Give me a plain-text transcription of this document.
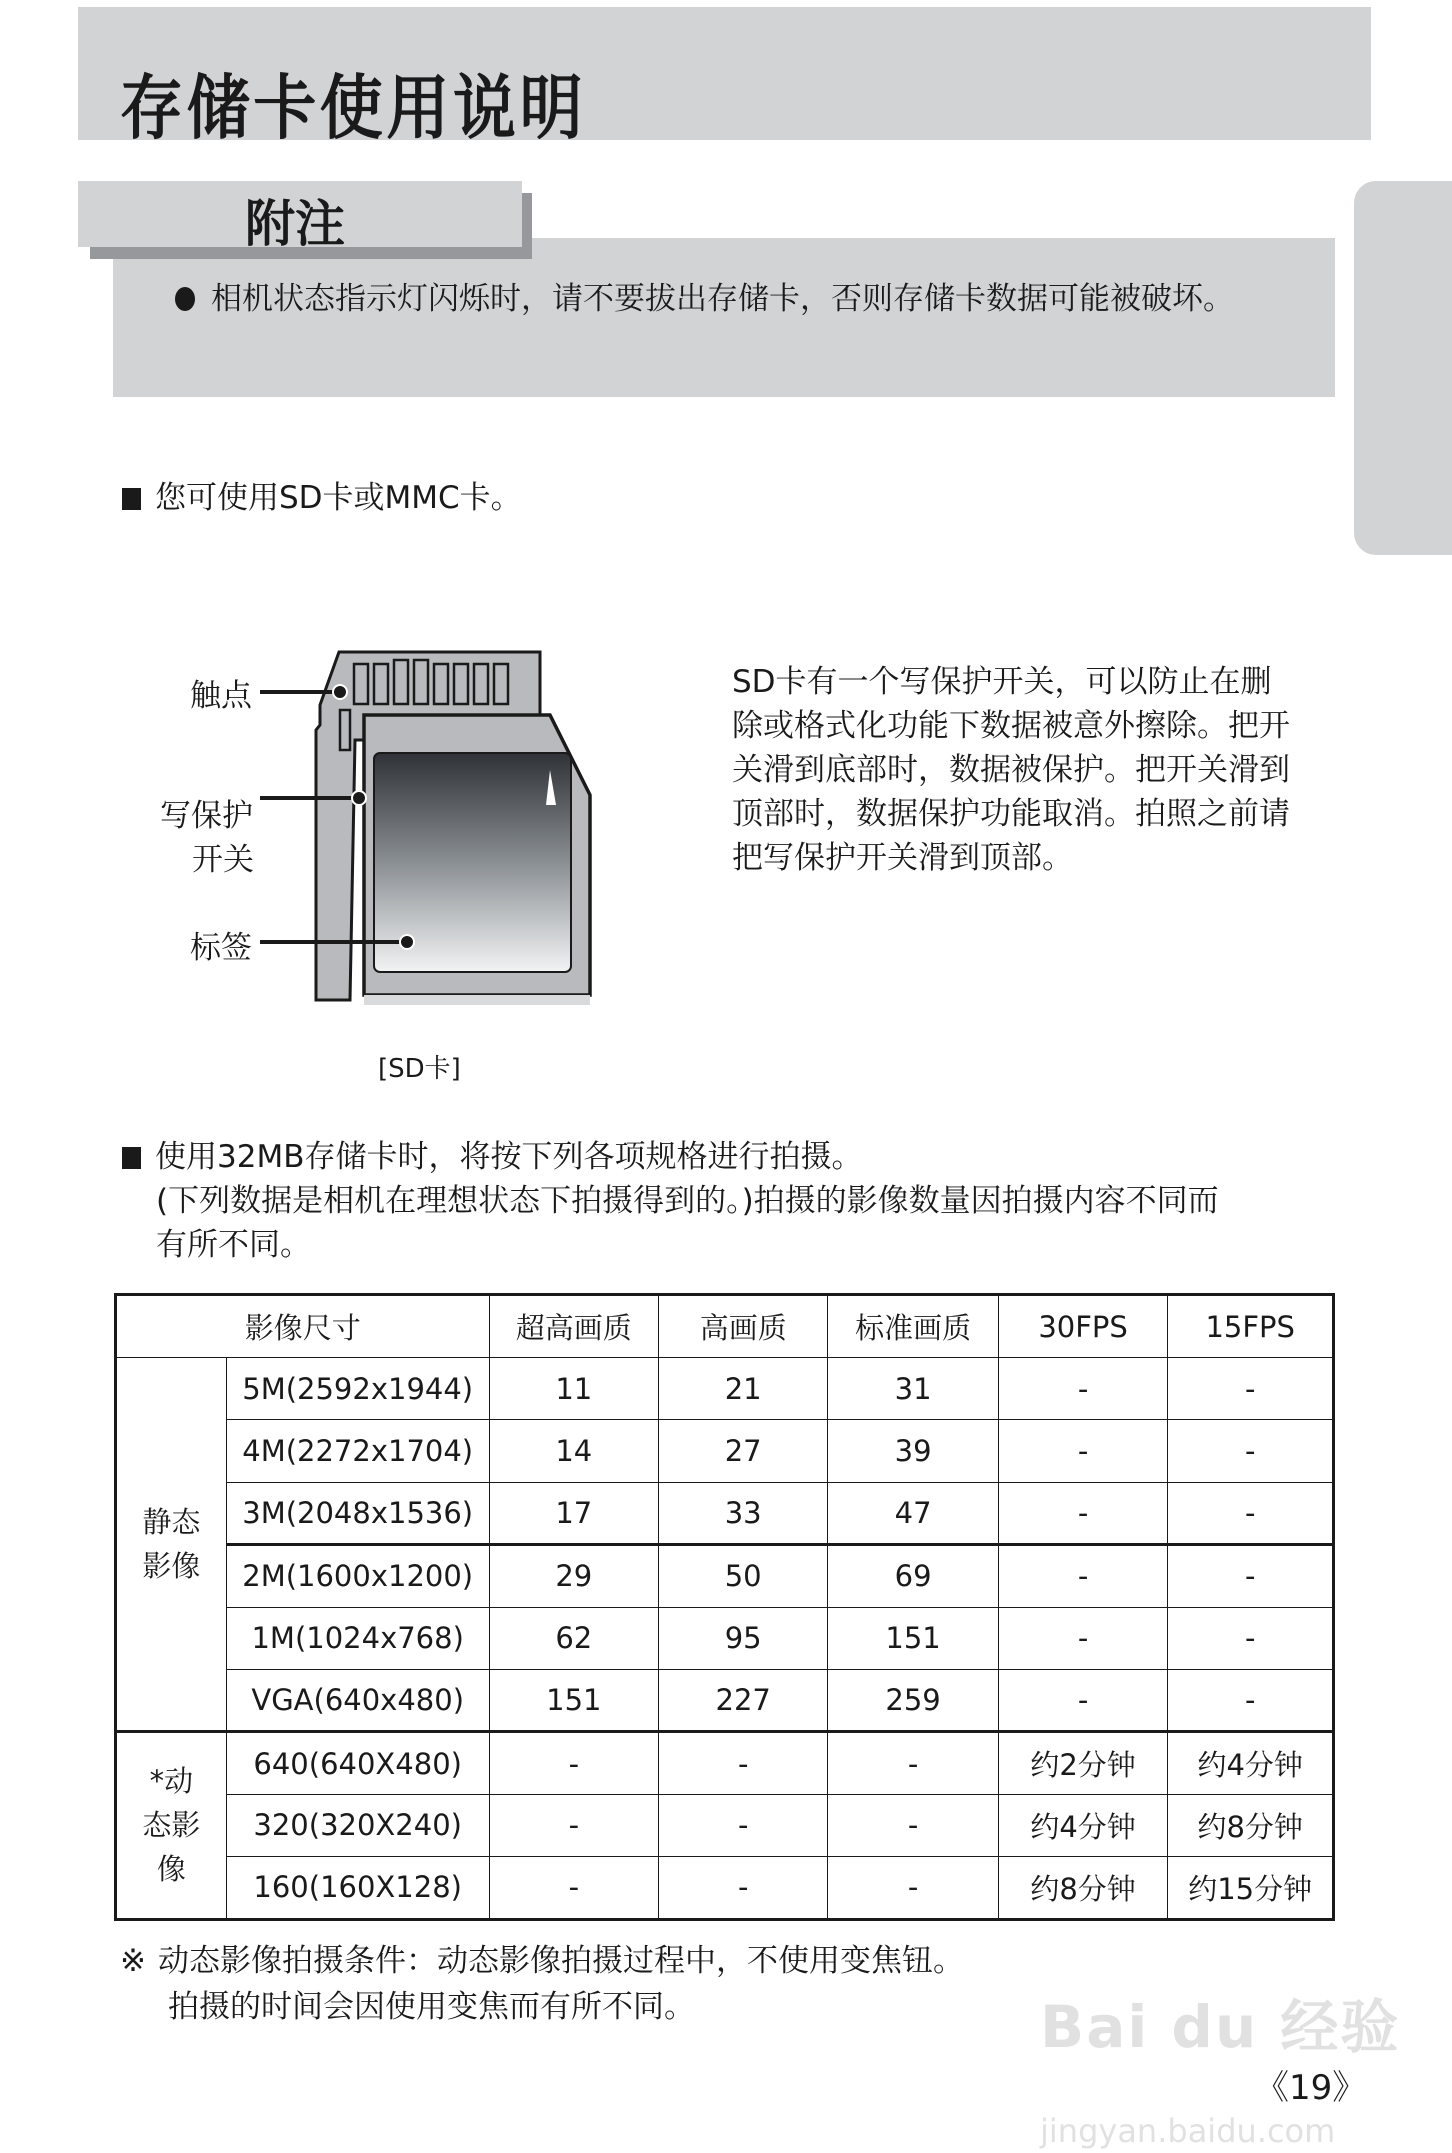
存储卡使用说明
附注
相机状态指示灯闪烁时，请不要拔出存储卡，否则存储卡数据可能被破坏。
您可使用SD卡或MMC卡。
触点
写保护
开关
标签
[SD卡]
SD卡有一个写保护开关，可以防止在删除或格式化功能下数据被意外擦除。把开关滑到底部时，数据被保护。把开关滑到顶部时，数据保护功能取消。拍照之前请把写保护开关滑到顶部。
使用32MB存储卡时，将按下列各项规格进行拍摄。
(下列数据是相机在理想状态下拍摄得到的。)拍摄的影像数量因拍摄内容不同而
有所不同。
影像尺寸		超高画质	高画质	标准画质	30FPS	15FPS
静态影像	5M(2592x1944)	11	21	31	-	-
	4M(2272x1704)	14	27	39	-	-
	3M(2048x1536)	17	33	47	-	-
	2M(1600x1200)	29	50	69	-	-
	1M(1024x768)	62	95	151	-	-
	VGA(640x480)	151	227	259	-	-
*动态影像	640(640X480)	-	-	-	约2分钟	约4分钟
	320(320X240)	-	-	-	约4分钟	约8分钟
	160(160X128)	-	-	-	约8分钟	约15分钟
※ 动态影像拍摄条件：动态影像拍摄过程中，不使用变焦钮。
拍摄的时间会因使用变焦而有所不同。	Bai du 经验
jingyan.baidu.com
《19》
